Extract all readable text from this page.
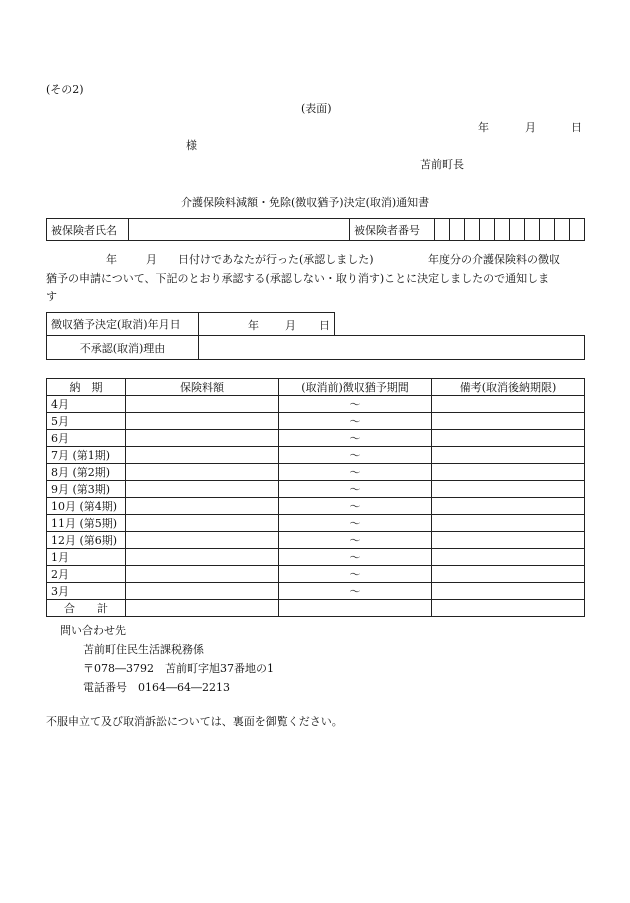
(その2)
(表面)
年	月	日
様
苫前町長
介護保険料減額・免除(徴収猶予)決定(取消)通知書
被保険者氏名		被保険者番号										
年	月 日付けであなたが行った(承認しました)	年度分の介護保険料の徴収
猶予の申請について、下記のとおり承認する(承認しない・取り消す)ことに決定しましたので通知しま
す
徴収猶予決定(取消)年月日	年 月 日	

不承認(取消)理由		
納　期	保険料額	(取消前)徴収猶予期間	備考(取消後納期限)
4月		～	
5月		～	
6月		～	
7月 (第1期)		～	
8月 (第2期)		～	
9月 (第3期)		～	
10月 (第4期)		～	
11月 (第5期)		～	
12月 (第6期)		～	
1月		～	
2月		～	
3月		～	
合　　計			
問い合わせ先
苫前町住民生活課税務係
〒078―3792　苫前町字旭37番地の1
電話番号　0164―64―2213
不服申立て及び取消訴訟については、裏面を御覧ください。
